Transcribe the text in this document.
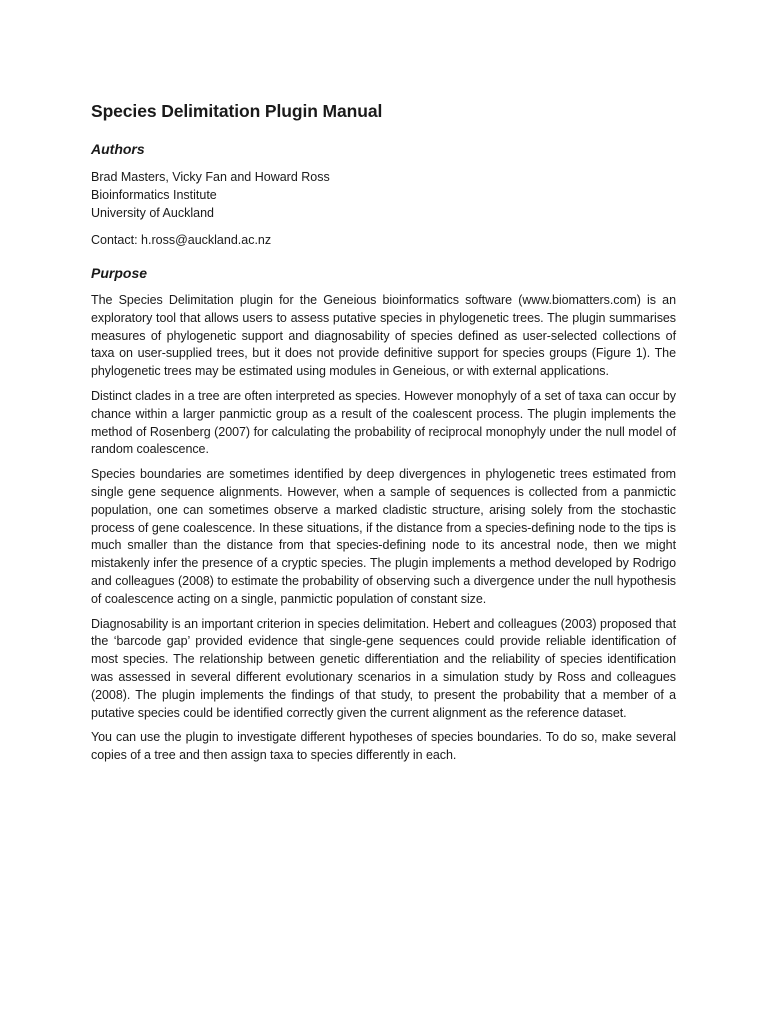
Species Delimitation Plugin Manual
Authors
Brad Masters, Vicky Fan and Howard Ross
Bioinformatics Institute
University of Auckland
Contact: h.ross@auckland.ac.nz
Purpose

The Species Delimitation plugin for the Geneious bioinformatics software (www.biomatters.com) is an exploratory tool that allows users to assess putative species in phylogenetic trees. The plugin summarises measures of phylogenetic support and diagnosability of species defined as user-selected collections of taxa on user-supplied trees, but it does not provide definitive support for species groups (Figure 1). The phylogenetic trees may be estimated using modules in Geneious, or with external applications.

Distinct clades in a tree are often interpreted as species. However monophyly of a set of taxa can occur by chance within a larger panmictic group as a result of the coalescent process. The plugin implements the method of Rosenberg (2007) for calculating the probability of reciprocal monophyly under the null model of random coalescence.

Species boundaries are sometimes identified by deep divergences in phylogenetic trees estimated from single gene sequence alignments. However, when a sample of sequences is collected from a panmictic population, one can sometimes observe a marked cladistic structure, arising solely from the stochastic process of gene coalescence. In these situations, if the distance from a species-defining node to the tips is much smaller than the distance from that species-defining node to its ancestral node, then we might mistakenly infer the presence of a cryptic species. The plugin implements a method developed by Rodrigo and colleagues (2008) to estimate the probability of observing such a divergence under the null hypothesis of coalescence acting on a single, panmictic population of constant size.

Diagnosability is an important criterion in species delimitation. Hebert and colleagues (2003) proposed that the ‘barcode gap’ provided evidence that single-gene sequences could provide reliable identification of most species. The relationship between genetic differentiation and the reliability of species identification was assessed in several different evolutionary scenarios in a simulation study by Ross and colleagues (2008). The plugin implements the findings of that study, to present the probability that a member of a putative species could be identified correctly given the current alignment as the reference dataset.

You can use the plugin to investigate different hypotheses of species boundaries. To do so, make several copies of a tree and then assign taxa to species differently in each.
